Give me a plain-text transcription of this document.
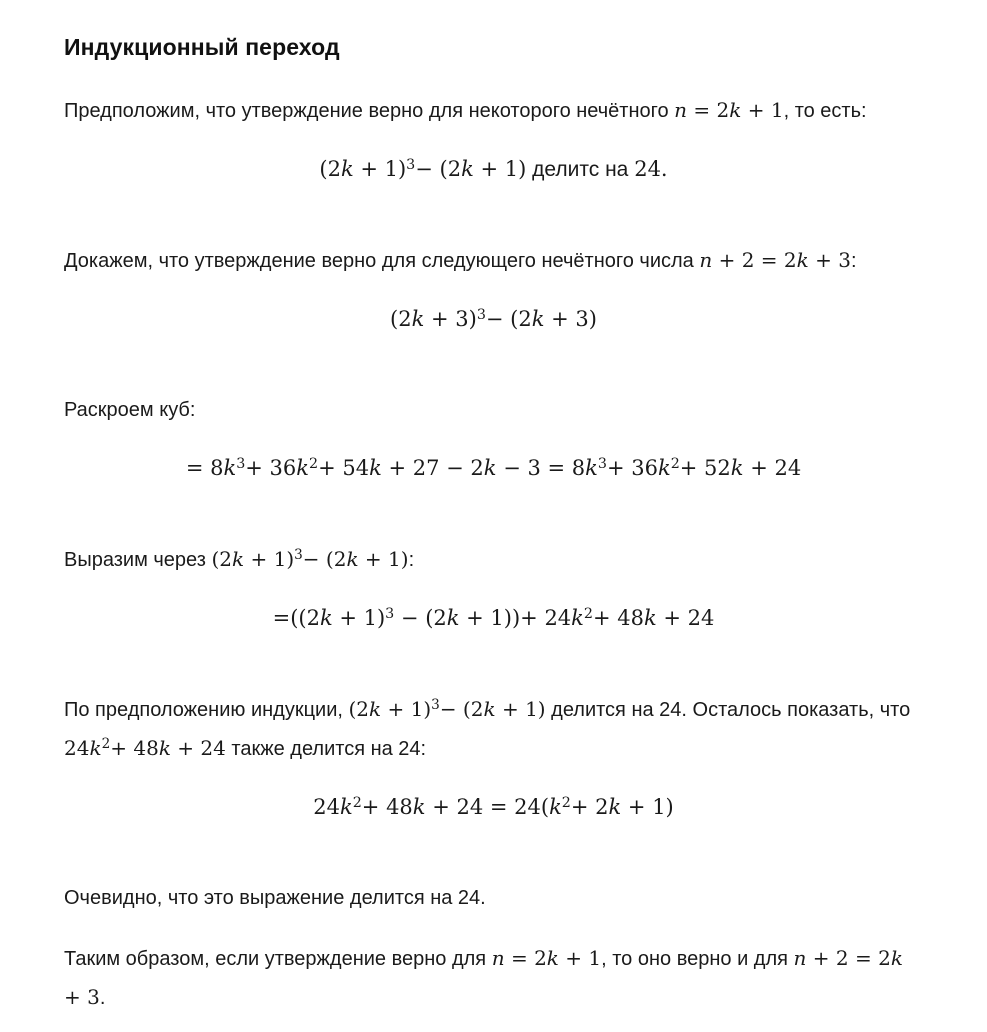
Индукционный переход

Предположим, что утверждение верно для некоторого нечётного n = 2k + 1, то есть:

$(2k + 1)^3- (2k + 1)$ делитс на 24.

Докажем, что утверждение верно для следующего нечётного числа n + 2 = 2k + 3:

$(2k + 3)^3- (2k + 3)$

Раскроем куб:

= $8k^3+ 36k^2+ 54k + 27 - 2k - 3 = 8k^3+ 36k^2+ 52k + 24$

Выразим через $(2k + 1)^3- (2k + 1)$:

$=((2k + 1)^3 - (2k + 1))+ 24k^2+ 48k + 24$

По предположению индукции, $(2k + 1)^3- (2k + 1)$ делится на 24. Осталось показать, что $24k^2+ 48k + 24$ также делится на 24:

$24k^2+ 48k + 24 = 24(k^2+ 2k + 1)$

Очевидно, что это выражение делится на 24.

Таким образом, если утверждение верно для n = 2k + 1, то оно верно и для n + 2 = 2k + 3.
